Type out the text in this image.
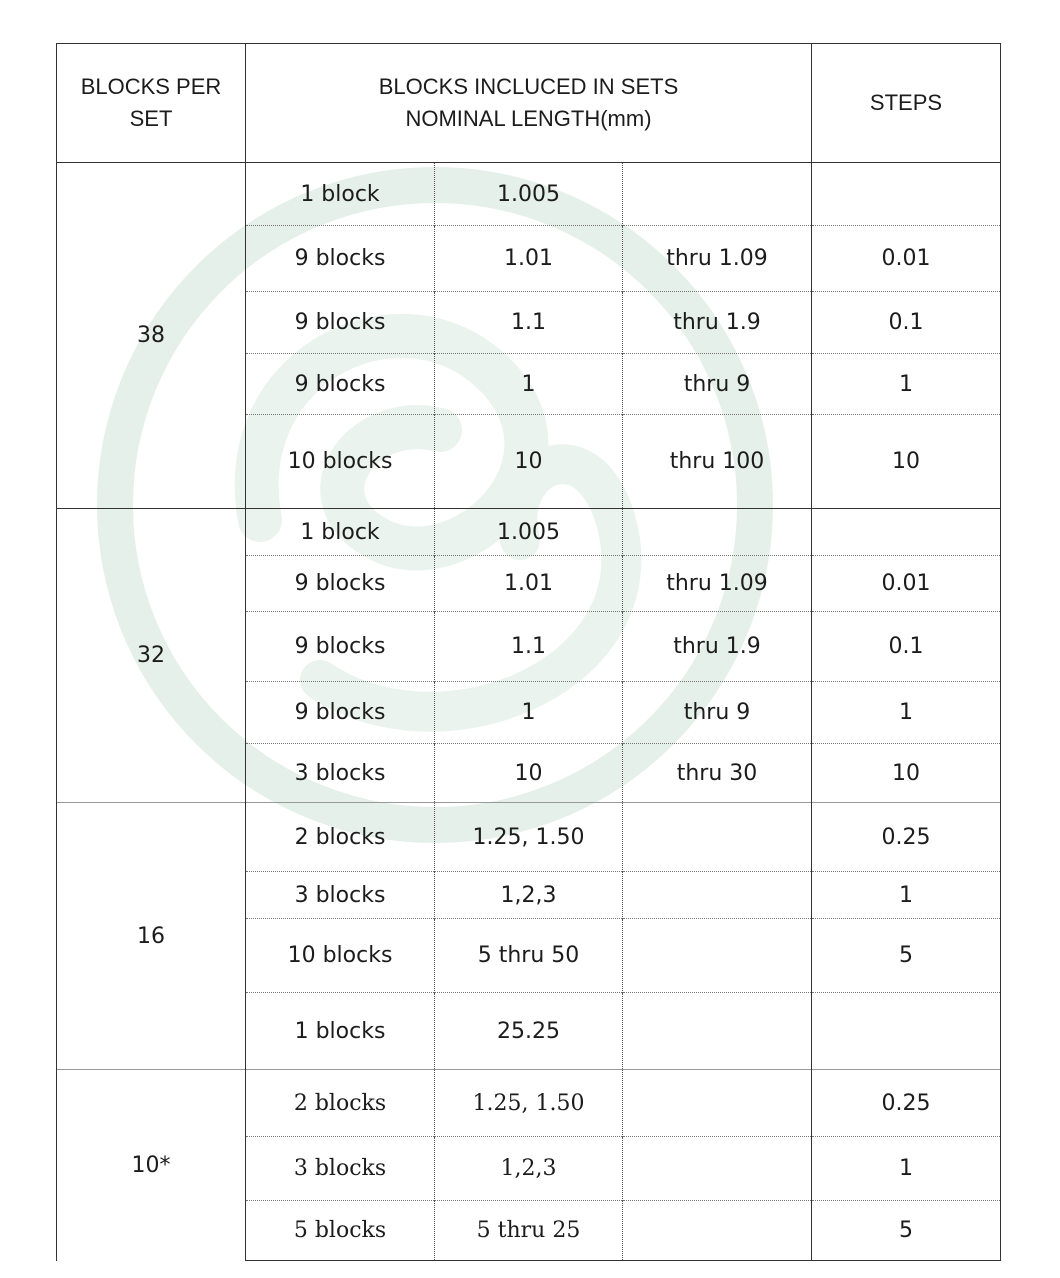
BLOCKS PER SET	BLOCKS INCLUCED IN SETS
NOMINAL LENGTH(mm)			STEPS
38	1 block	1.005		
	9 blocks	1.01	thru 1.09	0.01
	9 blocks	1.1	thru 1.9	0.1
	9 blocks	1	thru 9	1
	10 blocks	10	thru 100	10
32	1 block	1.005		
	9 blocks	1.01	thru 1.09	0.01
	9 blocks	1.1	thru 1.9	0.1
	9 blocks	1	thru 9	1
	3 blocks	10	thru 30	10
16	2 blocks	1.25, 1.50		0.25
	3 blocks	1,2,3		1
	10 blocks	5 thru 50		5
	1 blocks	25.25		
10*	2 blocks	1.25, 1.50		0.25
	3 blocks	1,2,3		1
	5 blocks	5 thru 25		5
